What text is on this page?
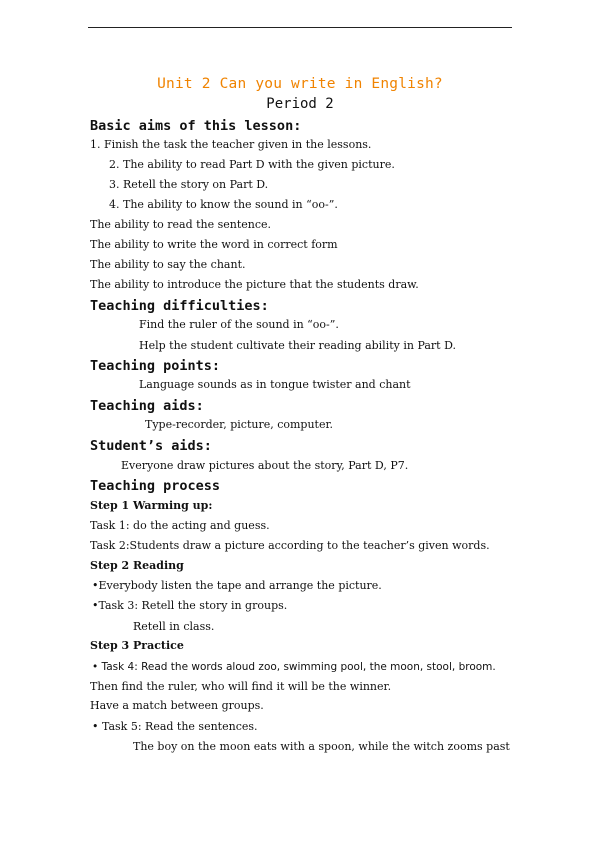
Unit 2 Can you write in English?
Period 2
Basic aims of this lesson:
1. Finish the task the teacher given in the lessons.
2. The ability to read Part D with the given picture.
3. Retell the story on Part D.
4. The ability to know the sound in “oo-”.
The ability to read the sentence.
The ability to write the word in correct form
The ability to say the chant.
The ability to introduce the picture that the students draw.
Teaching difficulties:
Find the ruler of the sound in “oo-”.
Help the student cultivate their reading ability in Part D.
Teaching points:
Language sounds as in tongue twister and chant
Teaching aids:
Type-recorder, picture, computer.
Student’s aids:
Everyone draw pictures about the story, Part D, P7.
Teaching process
Step 1 Warming up:
Task 1: do the acting and guess.
Task 2:Students draw a picture according to the teacher’s given words.
Step 2 Reading
•Everybody listen the tape and arrange the picture.
•Task 3: Retell the story in groups.
Retell in class.
Step 3 Practice
• Task 4: Read the words aloud zoo, swimming pool, the moon, stool, broom.
Then find the ruler, who will find it will be the winner.
Have a match between groups.
• Task 5: Read the sentences.
The boy on the moon eats with a spoon, while the witch zooms past
